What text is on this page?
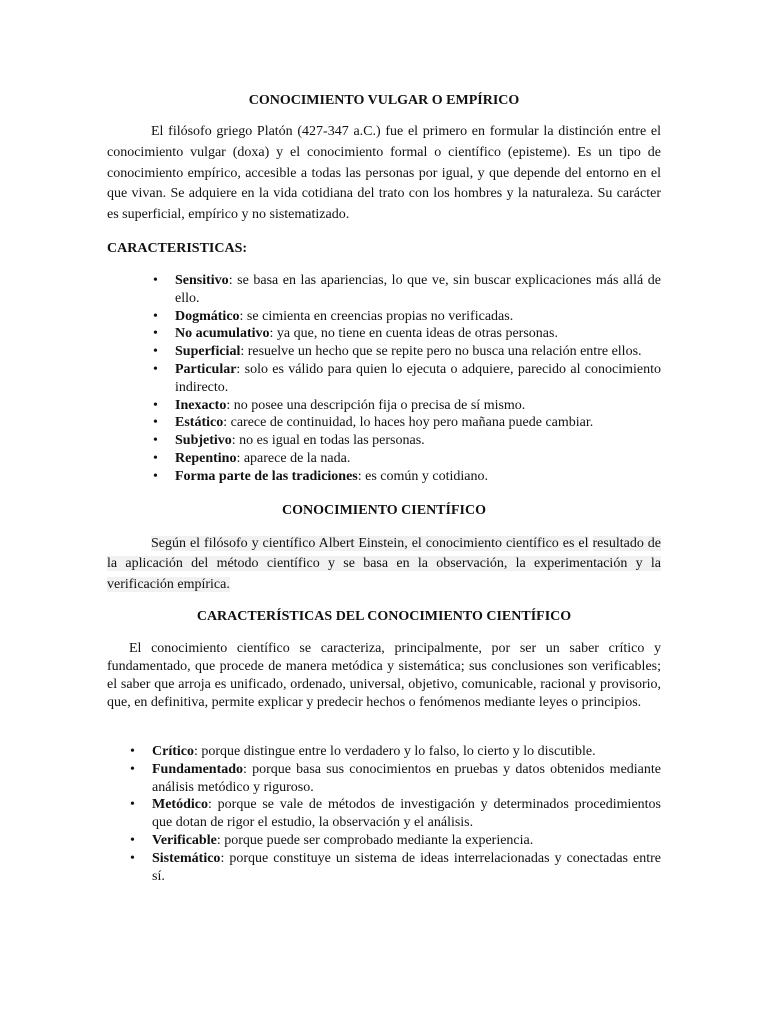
CONOCIMIENTO VULGAR O EMPÍRICO

El filósofo griego Platón (427-347 a.C.) fue el primero en formular la distinción entre el conocimiento vulgar (doxa) y el conocimiento formal o científico (episteme). Es un tipo de conocimiento empírico, accesible a todas las personas por igual, y que depende del entorno en el que vivan. Se adquiere en la vida cotidiana del trato con los hombres y la naturaleza. Su carácter es superficial, empírico y no sistematizado.

CARACTERISTICAS:
• Sensitivo: se basa en las apariencias, lo que ve, sin buscar explicaciones más allá de ello.
• Dogmático: se cimienta en creencias propias no verificadas.
• No acumulativo: ya que, no tiene en cuenta ideas de otras personas.
• Superficial: resuelve un hecho que se repite pero no busca una relación entre ellos.
• Particular: solo es válido para quien lo ejecuta o adquiere, parecido al conocimiento indirecto.
• Inexacto: no posee una descripción fija o precisa de sí mismo.
• Estático: carece de continuidad, lo haces hoy pero mañana puede cambiar.
• Subjetivo: no es igual en todas las personas.
• Repentino: aparece de la nada.
• Forma parte de las tradiciones: es común y cotidiano.
CONOCIMIENTO CIENTÍFICO

Según el filósofo y científico Albert Einstein, el conocimiento científico es el resultado de la aplicación del método científico y se basa en la observación, la experimentación y la verificación empírica.

CARACTERÍSTICAS DEL CONOCIMIENTO CIENTÍFICO

El conocimiento científico se caracteriza, principalmente, por ser un saber crítico y fundamentado, que procede de manera metódica y sistemática; sus conclusiones son verificables; el saber que arroja es unificado, ordenado, universal, objetivo, comunicable, racional y provisorio, que, en definitiva, permite explicar y predecir hechos o fenómenos mediante leyes o principios.

• Crítico: porque distingue entre lo verdadero y lo falso, lo cierto y lo discutible.
• Fundamentado: porque basa sus conocimientos en pruebas y datos obtenidos mediante análisis metódico y riguroso.
• Metódico: porque se vale de métodos de investigación y determinados procedimientos que dotan de rigor el estudio, la observación y el análisis.
• Verificable: porque puede ser comprobado mediante la experiencia.
• Sistemático: porque constituye un sistema de ideas interrelacionadas y conectadas entre sí.
